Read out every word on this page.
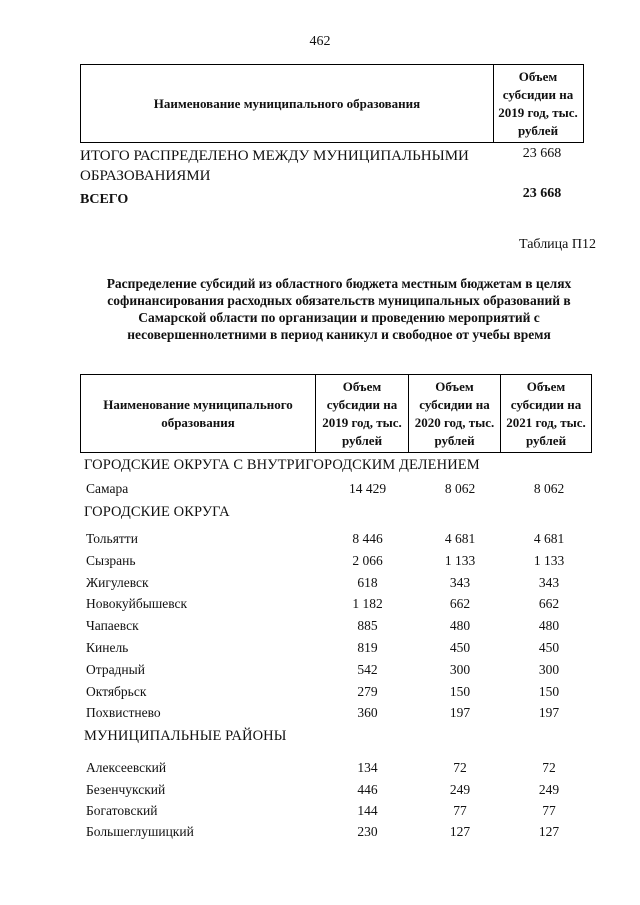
462
Наименование муниципального образования
Объем субсидии на 2019 год, тыс. рублей
ИТОГО РАСПРЕДЕЛЕНО МЕЖДУ МУНИЦИПАЛЬНЫМИ ОБРАЗОВАНИЯМИ
23 668
ВСЕГО	23 668
Таблица П12
Распределение субсидий из областного бюджета местным бюджетам в целях софинансирования расходных обязательств муниципальных образований в Самарской области по организации и проведению мероприятий с несовершеннолетними в период каникул и свободное от учебы время
Наименование муниципального образования
Объем субсидии на 2019 год, тыс. рублей
Объем субсидии на 2020 год, тыс. рублей
Объем субсидии на 2021 год, тыс. рублей
ГОРОДСКИЕ ОКРУГА С ВНУТРИГОРОДСКИМ ДЕЛЕНИЕМ
Самара	14 429	8 062	8 062
ГОРОДСКИЕ ОКРУГА
Тольятти	8 446	4 681	4 681
Сызрань	2 066	1 133	1 133
Жигулевск	618	343	343
Новокуйбышевск	1 182	662	662
Чапаевск	885	480	480
Кинель	819	450	450
Отрадный	542	300	300
Октябрьск	279	150	150
Похвистнево	360	197	197
МУНИЦИПАЛЬНЫЕ РАЙОНЫ
Алексеевский	134	72	72
Безенчукский	446	249	249
Богатовский	144	77	77
Большеглушицкий	230	127	127
